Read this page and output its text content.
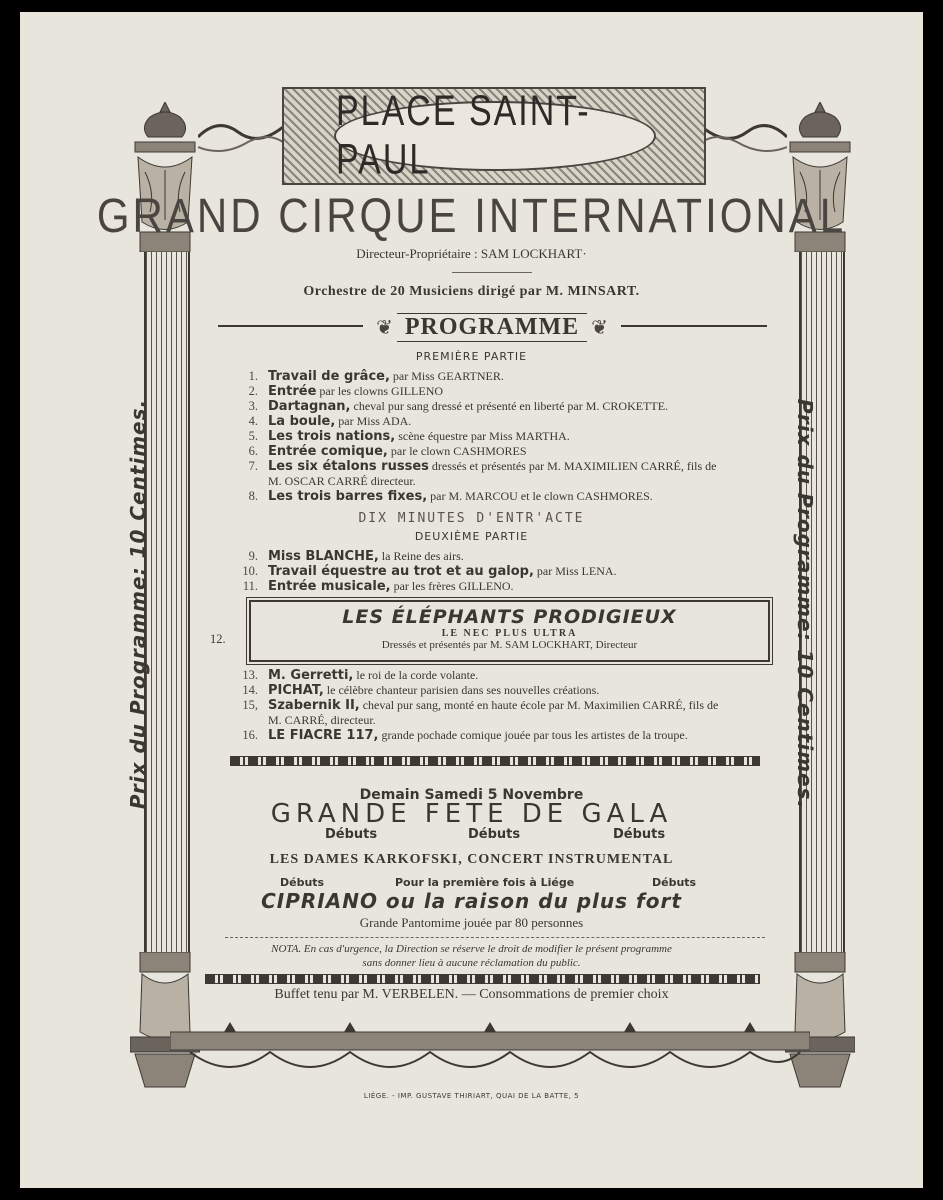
Prix du Programme: 10 Centimes.	Prix du Programme: 10 Centimes.
PLACE SAINT-PAUL
GRAND CIRQUE INTERNATIONAL
Directeur-Propriétaire : SAM LOCKHART·
Orchestre de 20 Musiciens dirigé par M. MINSART.
❦ PROGRAMME ❦
PREMIÈRE PARTIE
1. Travail de grâce, par Miss GEARTNER.
2. Entrée par les clowns GILLENO
3. Dartagnan, cheval pur sang dressé et présenté en liberté par M. CROKETTE.
4. La boule, par Miss ADA.
5. Les trois nations, scène équestre par Miss MARTHA.
6. Entrée comique, par le clown CASHMORES
7. Les six étalons russes dressés et présentés par M. MAXIMILIEN CARRÉ, fils de
M. OSCAR CARRÉ directeur.
8. Les trois barres fixes, par M. MARCOU et le clown CASHMORES.
DIX MINUTES D'ENTR'ACTE
DEUXIÈME PARTIE
9. Miss BLANCHE, la Reine des airs.
10. Travail équestre au trot et au galop, par Miss LENA.
11. Entrée musicale, par les frères GILLENO.
12.
LES ÉLÉPHANTS PRODIGIEUX
LE NEC PLUS ULTRA
Dressés et présentés par M. SAM LOCKHART, Directeur
13. M. Gerretti, le roi de la corde volante.
14. PICHAT, le célèbre chanteur parisien dans ses nouvelles créations.
15, Szabernik II, cheval pur sang, monté en haute école par M. Maximilien CARRÉ, fils de
M. CARRÉ, directeur.
16. LE FIACRE 117, grande pochade comique jouée par tous les artistes de la troupe.
Demain Samedi 5 Novembre
GRANDE FETE DE GALA
Débuts	Débuts	Débuts
LES DAMES KARKOFSKI, CONCERT INSTRUMENTAL
Débuts	Pour la première fois à Liége	Débuts
CIPRIANO ou la raison du plus fort
Grande Pantomime jouée par 80 personnes
NOTA. En cas d'urgence, la Direction se réserve le droit de modifier le présent programme
sans donner lieu à aucune réclamation du public.
Buffet tenu par M. VERBELEN. — Consommations de premier choix
LIÉGE. - IMP. GUSTAVE THIRIART, QUAI DE LA BATTE, 5
